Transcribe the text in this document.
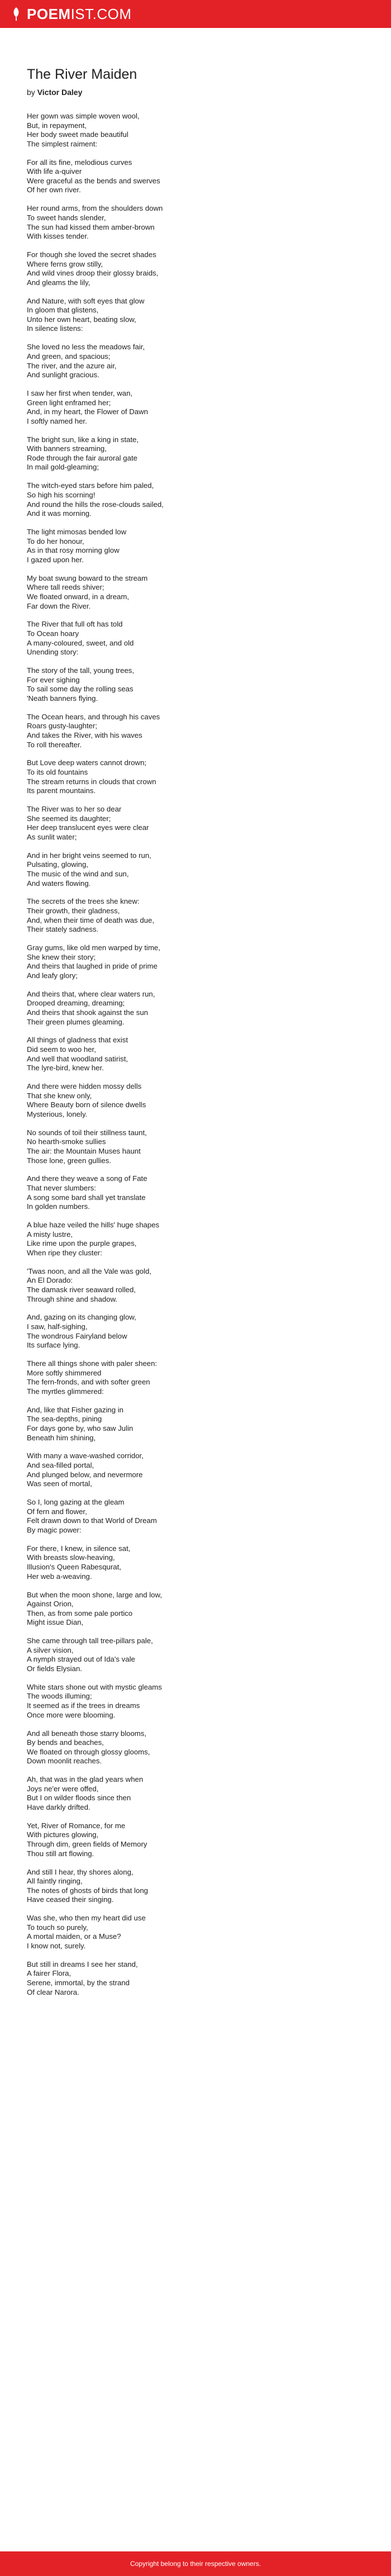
POEMIST.COM
The River Maiden

by Victor Daley

Her gown was simple woven wool,
But, in repayment,
Her body sweet made beautiful
The simplest raiment:
For all its fine, melodious curves
With life a-quiver
Were graceful as the bends and swerves
Of her own river.
Her round arms, from the shoulders down
To sweet hands slender,
The sun had kissed them amber-brown
With kisses tender.
For though she loved the secret shades
Where ferns grow stilly,
And wild vines droop their glossy braids,
And gleams the lily,
And Nature, with soft eyes that glow
In gloom that glistens,
Unto her own heart, beating slow,
In silence listens:
She loved no less the meadows fair,
And green, and spacious;
The river, and the azure air,
And sunlight gracious.
I saw her first when tender, wan,
Green light enframed her;
And, in my heart, the Flower of Dawn
I softly named her.
The bright sun, like a king in state,
With banners streaming,
Rode through the fair auroral gate
In mail gold-gleaming;
The witch-eyed stars before him paled,
So high his scorning!
And round the hills the rose-clouds sailed,
And it was morning.
The light mimosas bended low
To do her honour,
As in that rosy morning glow
I gazed upon her.
My boat swung boward to the stream
Where tall reeds shiver;
We floated onward, in a dream,
Far down the River.
The River that full oft has told
To Ocean hoary
A many-coloured, sweet, and old
Unending story:
The story of the tall, young trees,
For ever sighing
To sail some day the rolling seas
'Neath banners flying.
The Ocean hears, and through his caves
Roars gusty-laughter;
And takes the River, with his waves
To roll thereafter.
But Love deep waters cannot drown;
To its old fountains
The stream returns in clouds that crown
Its parent mountains.
The River was to her so dear
She seemed its daughter;
Her deep translucent eyes were clear
As sunlit water;
And in her bright veins seemed to run,
Pulsating, glowing,
The music of the wind and sun,
And waters flowing.
The secrets of the trees she knew:
Their growth, their gladness,
And, when their time of death was due,
Their stately sadness.
Gray gums, like old men warped by time,
She knew their story;
And theirs that laughed in pride of prime
And leafy glory;
And theirs that, where clear waters run,
Drooped dreaming, dreaming;
And theirs that shook against the sun
Their green plumes gleaming.
All things of gladness that exist
Did seem to woo her,
And well that woodland satirist,
The lyre-bird, knew her.
And there were hidden mossy dells
That she knew only,
Where Beauty born of silence dwells
Mysterious, lonely.
No sounds of toil their stillness taunt,
No hearth-smoke sullies
The air: the Mountain Muses haunt
Those lone, green gullies.
And there they weave a song of Fate
That never slumbers:
A song some bard shall yet translate
In golden numbers.
A blue haze veiled the hills' huge shapes
A misty lustre,
Like rime upon the purple grapes,
When ripe they cluster:
'Twas noon, and all the Vale was gold,
An El Dorado:
The damask river seaward rolled,
Through shine and shadow.
And, gazing on its changing glow,
I saw, half-sighing,
The wondrous Fairyland below
Its surface lying.
There all things shone with paler sheen:
More softly shimmered
The fern-fronds, and with softer green
The myrtles glimmered:
And, like that Fisher gazing in
The sea-depths, pining
For days gone by, who saw Julin
Beneath him shining,
With many a wave-washed corridor,
And sea-filled portal,
And plunged below, and nevermore
Was seen of mortal,
So I, long gazing at the gleam
Of fern and flower,
Felt drawn down to that World of Dream
By magic power:
For there, I knew, in silence sat,
With breasts slow-heaving,
Illusion's Queen Rabesqurat,
Her web a-weaving.
But when the moon shone, large and low,
Against Orion,
Then, as from some pale portico
Might issue Dian,
She came through tall tree-pillars pale,
A silver vision,
A nymph strayed out of Ida's vale
Or fields Elysian.
White stars shone out with mystic gleams
The woods illuming;
It seemed as if the trees in dreams
Once more were blooming.
And all beneath those starry blooms,
By bends and beaches,
We floated on through glossy glooms,
Down moonlit reaches.
Ah, that was in the glad years when
Joys ne'er were offed,
But I on wilder floods since then
Have darkly drifted.
Yet, River of Romance, for me
With pictures glowing,
Through dim, green fields of Memory
Thou still art flowing.
And still I hear, thy shores along,
All faintly ringing,
The notes of ghosts of birds that long
Have ceased their singing.
Was she, who then my heart did use
To touch so purely,
A mortal maiden, or a Muse?
I know not, surely.
But still in dreams I see her stand,
A fairer Flora,
Serene, immortal, by the strand
Of clear Narora.
Copyright belong to their respective owners.
